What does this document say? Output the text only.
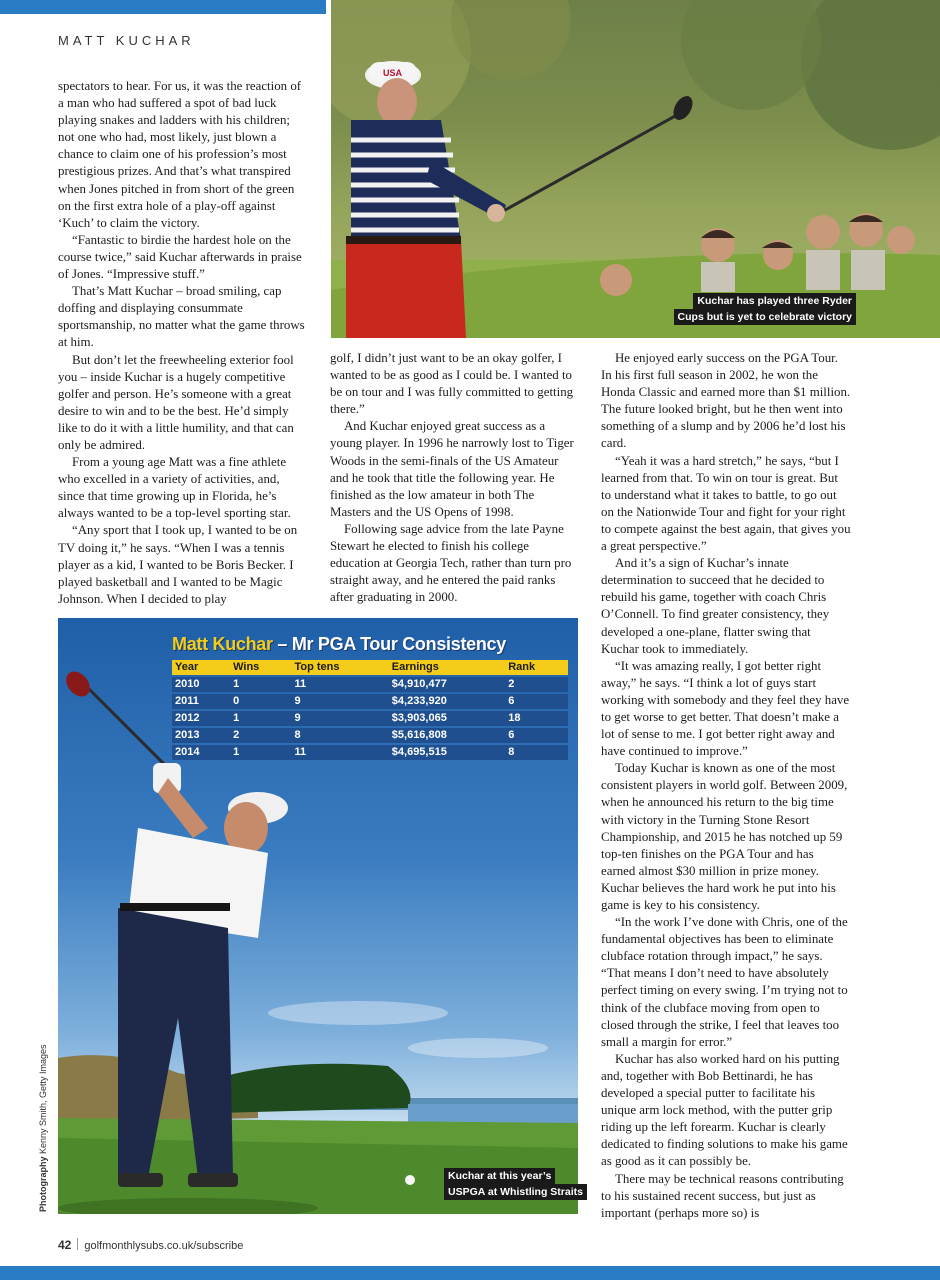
MATT KUCHAR
USA
Kuchar has played three Ryder
Cups but is yet to celebrate victory

spectators to hear. For us, it was the reaction of a man who had suffered a spot of bad luck playing snakes and ladders with his children; not one who had, most likely, just blown a chance to claim one of his profession’s most prestigious prizes. And that’s what transpired when Jones pitched in from short of the green on the first extra hole of a play-off against ‘Kuch’ to claim the victory.

“Fantastic to birdie the hardest hole on the course twice,” said Kuchar afterwards in praise of Jones. “Impressive stuff.”

That’s Matt Kuchar – broad smiling, cap doffing and displaying consummate sportsmanship, no matter what the game throws at him.

But don’t let the freewheeling exterior fool you – inside Kuchar is a hugely competitive golfer and person. He’s someone with a great desire to win and to be the best. He’d simply like to do it with a little humility, and that can only be admired.

From a young age Matt was a fine athlete who excelled in a variety of activities, and, since that time growing up in Florida, he’s always wanted to be a top-level sporting star.

“Any sport that I took up, I wanted to be on TV doing it,” he says. “When I was a tennis player as a kid, I wanted to be Boris Becker. I played basketball and I wanted to be Magic Johnson. When I decided to play

golf, I didn’t just want to be an okay golfer, I wanted to be as good as I could be. I wanted to be on tour and I was fully committed to getting there.”

And Kuchar enjoyed great success as a young player. In 1996 he narrowly lost to Tiger Woods in the semi-finals of the US Amateur and he took that title the following year. He finished as the low amateur in both The Masters and the US Opens of 1998.

Following sage advice from the late Payne Stewart he elected to finish his college education at Georgia Tech, rather than turn pro straight away, and he entered the paid ranks after graduating in 2000.

He enjoyed early success on the PGA Tour. In his first full season in 2002, he won the Honda Classic and earned more than $1 million. The future looked bright, but he then went into something of a slump and by 2006 he’d lost his card.

“Yeah it was a hard stretch,” he says, “but I learned from that. To win on tour is great. But to understand what it takes to battle, to go out on the Nationwide Tour and fight for your right to compete against the best again, that gives you a great perspective.”

And it’s a sign of Kuchar’s innate determination to succeed that he decided to rebuild his game, together with coach Chris O’Connell. To find greater consistency, they developed a one-plane, flatter swing that Kuchar took to immediately.

“It was amazing really, I got better right away,” he says. “I think a lot of guys start working with somebody and they feel they have to get worse to get better. That doesn’t make a lot of sense to me. I got better right away and have continued to improve.”

Today Kuchar is known as one of the most consistent players in world golf. Between 2009, when he announced his return to the big time with victory in the Turning Stone Resort Championship, and 2015 he has notched up 59 top-ten finishes on the PGA Tour and has earned almost $30 million in prize money. Kuchar believes the hard work he put into his game is key to his consistency.

“In the work I’ve done with Chris, one of the fundamental objectives has been to eliminate clubface rotation through impact,” he says. “That means I don’t need to have absolutely perfect timing on every swing. I’m trying not to think of the clubface moving from open to closed through the strike, I feel that leaves too small a margin for error.”

Kuchar has also worked hard on his putting and, together with Bob Bettinardi, he has developed a special putter to facilitate his unique arm lock method, with the putter grip riding up the left forearm. Kuchar is clearly dedicated to finding solutions to make his game as good as it can possibly be.

There may be technical reasons contributing to his sustained recent success, but just as important (perhaps more so) is

Matt Kuchar – Mr PGA Tour Consistency
Year	Wins	Top tens	Earnings	Rank
2010	1	11	$4,910,477	2
2011	0	9	$4,233,920	6
2012	1	9	$3,903,065	18
2013	2	8	$5,616,808	6
2014	1	11	$4,695,515	8
Kuchar at this year’s
USPGA at Whistling Straits
Photography Kenny Smith, Getty Images
42 golfmonthlysubs.co.uk/subscribe
